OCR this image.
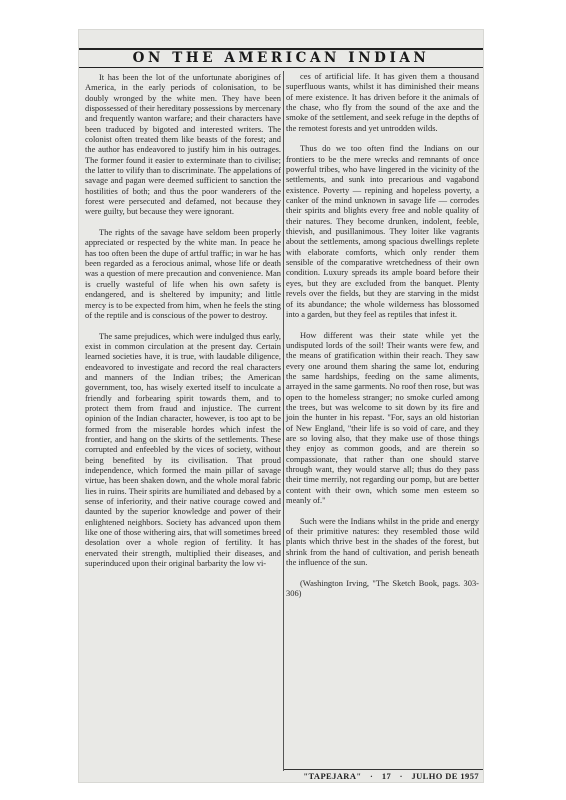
ON THE AMERICAN INDIAN

It has been the lot of the unfortunate aborigines of America, in the early periods of colonisation, to be doubly wronged by the white men. They have been dispossessed of their hereditary possessions by mercenary and frequently wanton warfare; and their characters have been traduced by bigoted and interested writers. The colonist often treated them like beasts of the forest; and the author has endeavored to justify him in his outrages. The former found it easier to exterminate than to civilise; the latter to vilify than to discriminate. The appelations of savage and pagan were deemed sufficient to sanction the hostilities of both; and thus the poor wanderers of the forest were persecuted and defamed, not because they were guilty, but because they were ignorant.

The rights of the savage have seldom been properly appreciated or respected by the white man. In peace he has too often been the dupe of artful traffic; in war he has been regarded as a ferocious animal, whose life or death was a question of mere precaution and convenience. Man is cruelly wasteful of life when his own safety is endangered, and is sheltered by impunity; and little mercy is to be expected from him, when he feels the sting of the reptile and is conscious of the power to destroy.

The same prejudices, which were indulged thus early, exist in common circulation at the present day. Certain learned societies have, it is true, with laudable diligence, endeavored to investigate and record the real characters and manners of the Indian tribes; the American government, too, has wisely exerted itself to inculcate a friendly and forbearing spirit towards them, and to protect them from fraud and injustice. The current opinion of the Indian character, however, is too apt to be formed from the miserable hordes which infest the frontier, and hang on the skirts of the settlements. These corrupted and enfeebled by the vices of society, without being benefited by its civilisation. That proud independence, which formed the main pillar of savage virtue, has been shaken down, and the whole moral fabric lies in ruins. Their spirits are humiliated and debased by a sense of inferiority, and their native courage cowed and daunted by the superior knowledge and power of their enlightened neighbors. Society has advanced upon them like one of those withering airs, that will sometimes breed desolation over a whole region of fertility. It has enervated their strength, multiplied their diseases, and superinduced upon their original barbarity the low vi-

ces of artificial life. It has given them a thousand superfluous wants, whilst it has diminished their means of mere existence. It has driven before it the animals of the chase, who fly from the sound of the axe and the smoke of the settlement, and seek refuge in the depths of the remotest forests and yet untrodden wilds.

Thus do we too often find the Indians on our frontiers to be the mere wrecks and remnants of once powerful tribes, who have lingered in the vicinity of the settlements, and sunk into precarious and vagabond existence. Poverty — repining and hopeless poverty, a canker of the mind unknown in savage life — corrodes their spirits and blights every free and noble quality of their natures. They become drunken, indolent, feeble, thievish, and pusillanimous. They loiter like vagrants about the settlements, among spacious dwellings replete with elaborate comforts, which only render them sensible of the comparative wretchedness of their own condition. Luxury spreads its ample board before their eyes, but they are excluded from the banquet. Plenty revels over the fields, but they are starving in the midst of its abundance; the whole wilderness has blossomed into a garden, but they feel as reptiles that infest it.

How different was their state while yet the undisputed lords of the soil! Their wants were few, and the means of gratification within their reach. They saw every one around them sharing the same lot, enduring the same hardships, feeding on the same aliments, arrayed in the same garments. No roof then rose, but was open to the homeless stranger; no smoke curled among the trees, but was welcome to sit down by its fire and join the hunter in his repast. "For, says an old historian of New England, "their life is so void of care, and they are so loving also, that they make use of those things they enjoy as common goods, and are therein so compassionate, that rather than one should starve through want, they would starve all; thus do they pass their time merrily, not regarding our pomp, but are better content with their own, which some men esteem so meanly of."

Such were the Indians whilst in the pride and energy of their primitive natures: they resembled those wild plants which thrive best in the shades of the forest, but shrink from the hand of cultivation, and perish beneath the influence of the sun.

(Washington Irving, "The Sketch Book, pags. 303-306)

"TAPEJARA" · 17 · JULHO DE 1957
